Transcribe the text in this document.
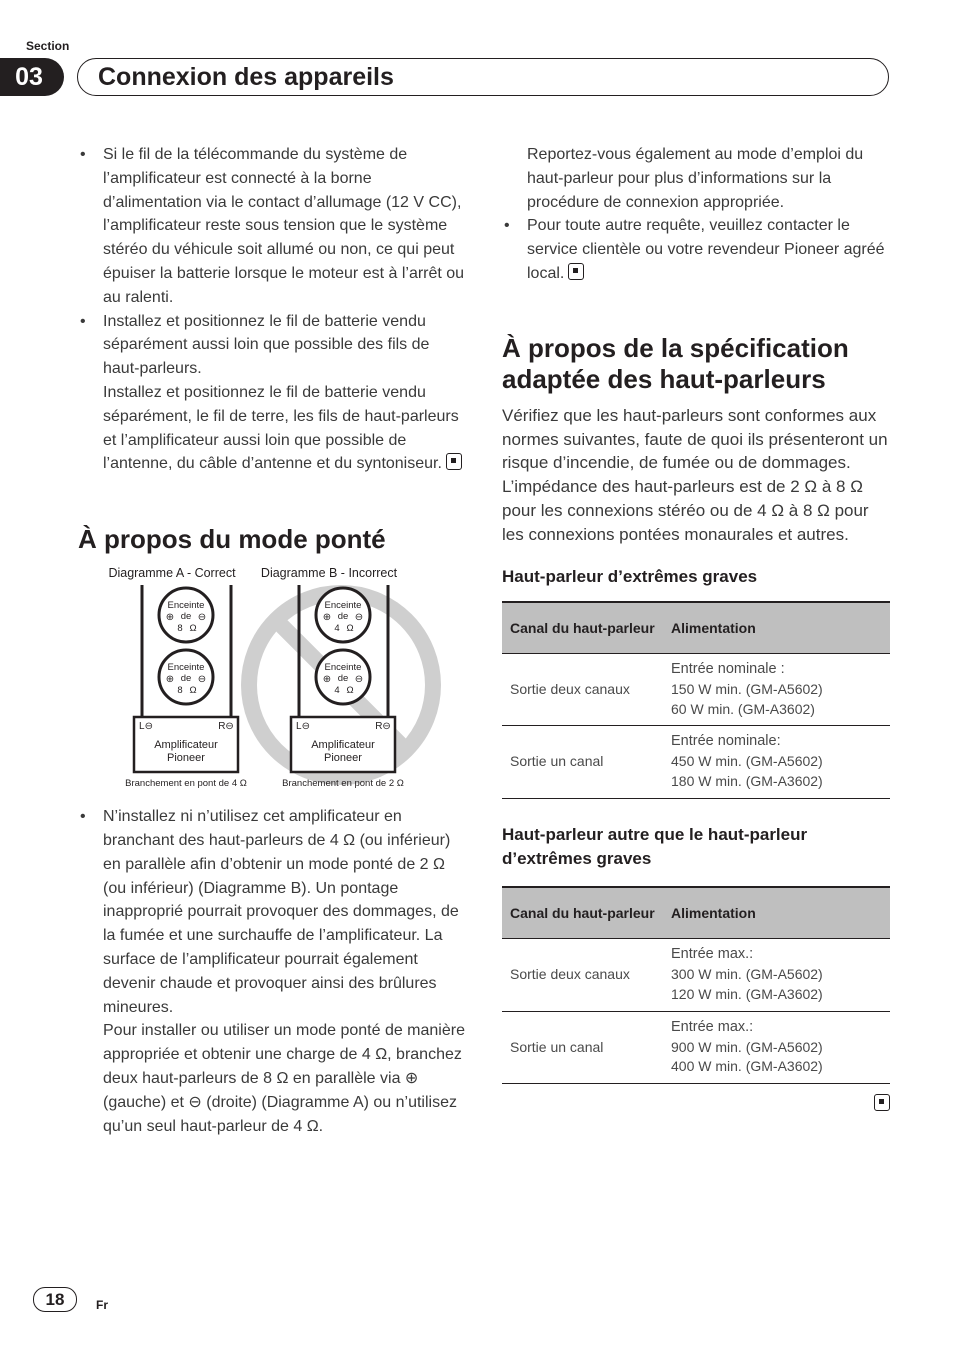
Section
03	Connexion des appareils
• Si le fil de la télécommande du système de l’amplificateur est connecté à la borne d’alimentation via le contact d’allumage (12 V CC), l’amplificateur reste sous tension que le système stéréo du véhicule soit allumé ou non, ce qui peut épuiser la batterie lorsque le moteur est à l’arrêt ou au ralenti.
• Installez et positionnez le fil de batterie vendu séparément aussi loin que possible des fils de haut-parleurs.
Installez et positionnez le fil de batterie vendu séparément, le fil de terre, les fils de haut-parleurs et l’amplificateur aussi loin que possible de l’antenne, du câble d’antenne et du syntoniseur.
À propos du mode ponté
Diagramme A - Correct Diagramme B - Incorrect
Enceinte
de
⊕ ⊖
8 Ω
Enceinte
de
⊕ ⊖
8 Ω
L⊖	R⊖
Amplificateur
Pioneer
Branchement en pont de 4 Ω
Enceinte
de
⊕ ⊖
4 Ω
Enceinte
de
⊕ ⊖
4 Ω
L⊖	R⊖
Amplificateur
Pioneer
Branchement en pont de 2 Ω
• N’installez ni n’utilisez cet amplificateur en branchant des haut-parleurs de 4 Ω (ou inférieur) en parallèle afin d’obtenir un mode ponté de 2 Ω (ou inférieur) (Diagramme B). Un pontage inapproprié pourrait provoquer des dommages, de la fumée et une surchauffe de l’amplificateur. La surface de l’amplificateur pourrait également devenir chaude et provoquer ainsi des brûlures mineures.
Pour installer ou utiliser un mode ponté de manière appropriée et obtenir une charge de 4 Ω, branchez deux haut-parleurs de 8 Ω en parallèle via ⊕ (gauche) et ⊖ (droite) (Diagramme A) ou n’utilisez qu’un seul haut-parleur de 4 Ω.
Reportez-vous également au mode d’emploi du haut-parleur pour plus d’informations sur la procédure de connexion appropriée.
• Pour toute autre requête, veuillez contacter le service clientèle ou votre revendeur Pioneer agréé local.
À propos de la spécification adaptée des haut-parleurs

Vérifiez que les haut-parleurs sont conformes aux normes suivantes, faute de quoi ils présenteront un risque d’incendie, de fumée ou de dommages. L’impédance des haut-parleurs est de 2 Ω à 8 Ω pour les connexions stéréo ou de 4 Ω à 8 Ω pour les connexions pontées monaurales et autres.

Haut-parleur d’extrêmes graves
Canal du haut-parleur	Alimentation
Sortie deux canaux	Entrée nominale :
150 W min. (GM-A5602)
60 W min. (GM-A3602)

Sortie un canal	Entrée nominale:
450 W min. (GM-A5602)
180 W min. (GM-A3602)
Haut-parleur autre que le haut-parleur d’extrêmes graves
Canal du haut-parleur	Alimentation
Sortie deux canaux	Entrée max.:
300 W min. (GM-A5602)
120 W min. (GM-A3602)

Sortie un canal	Entrée max.:
900 W min. (GM-A5602)
400 W min. (GM-A3602)
18	Fr
